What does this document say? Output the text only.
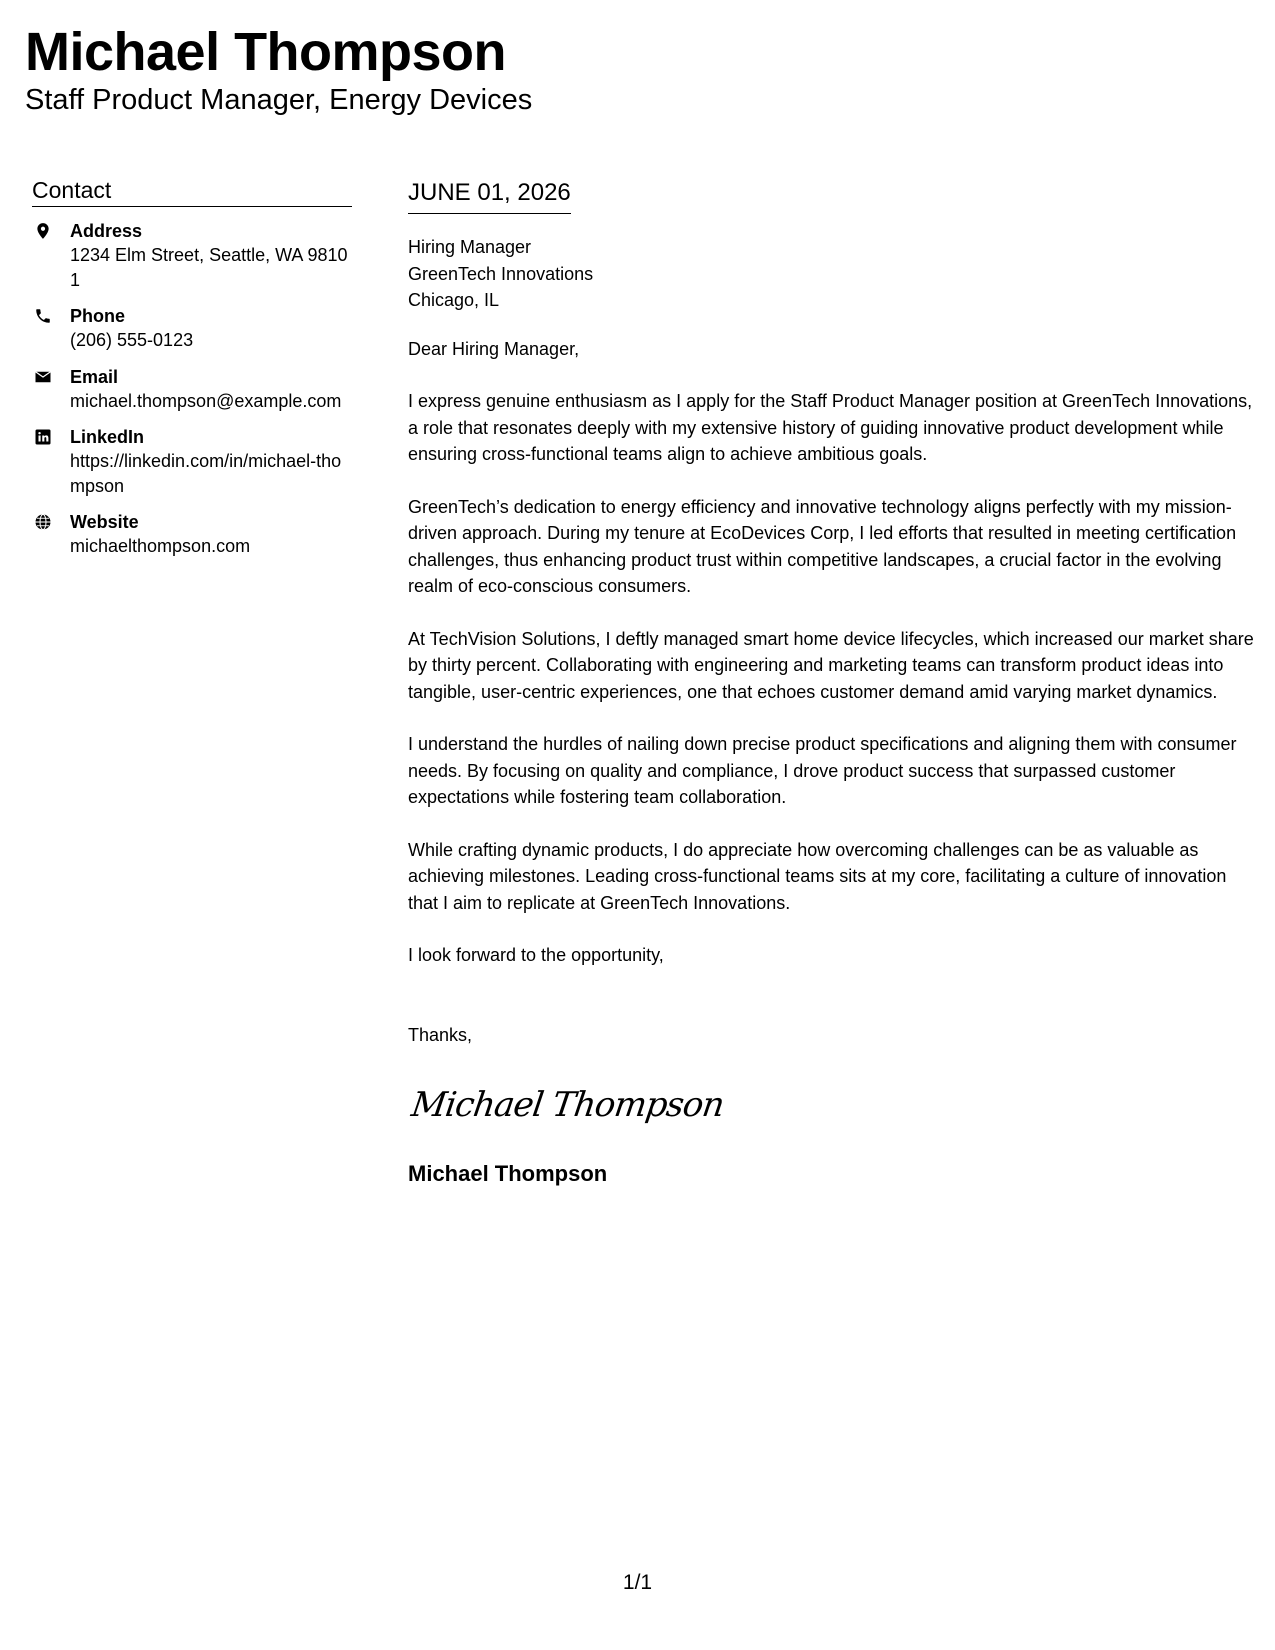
Michael Thompson
Staff Product Manager, Energy Devices
Contact
Address
1234 Elm Street, Seattle, WA 98101
Phone
(206) 555-0123
Email
michael.thompson@example.com
LinkedIn
https://linkedin.com/in/michael-thompson
Website
michaelthompson.com
JUNE 01, 2026
Hiring Manager
GreenTech Innovations
Chicago, IL

Dear Hiring Manager,

I express genuine enthusiasm as I apply for the Staff Product Manager position at GreenTech Innovations, a role that resonates deeply with my extensive history of guiding innovative product development while ensuring cross-functional teams align to achieve ambitious goals.

GreenTech’s dedication to energy efficiency and innovative technology aligns perfectly with my mission-driven approach. During my tenure at EcoDevices Corp, I led efforts that resulted in meeting certification challenges, thus enhancing product trust within competitive landscapes, a crucial factor in the evolving realm of eco-conscious consumers.

At TechVision Solutions, I deftly managed smart home device lifecycles, which increased our market share by thirty percent. Collaborating with engineering and marketing teams can transform product ideas into tangible, user-centric experiences, one that echoes customer demand amid varying market dynamics.

I understand the hurdles of nailing down precise product specifications and aligning them with consumer needs. By focusing on quality and compliance, I drove product success that surpassed customer expectations while fostering team collaboration.

While crafting dynamic products, I do appreciate how overcoming challenges can be as valuable as achieving milestones. Leading cross-functional teams sits at my core, facilitating a culture of innovation that I aim to replicate at GreenTech Innovations.

I look forward to the opportunity,

Thanks,

Michael Thompson
Michael Thompson
1/1
